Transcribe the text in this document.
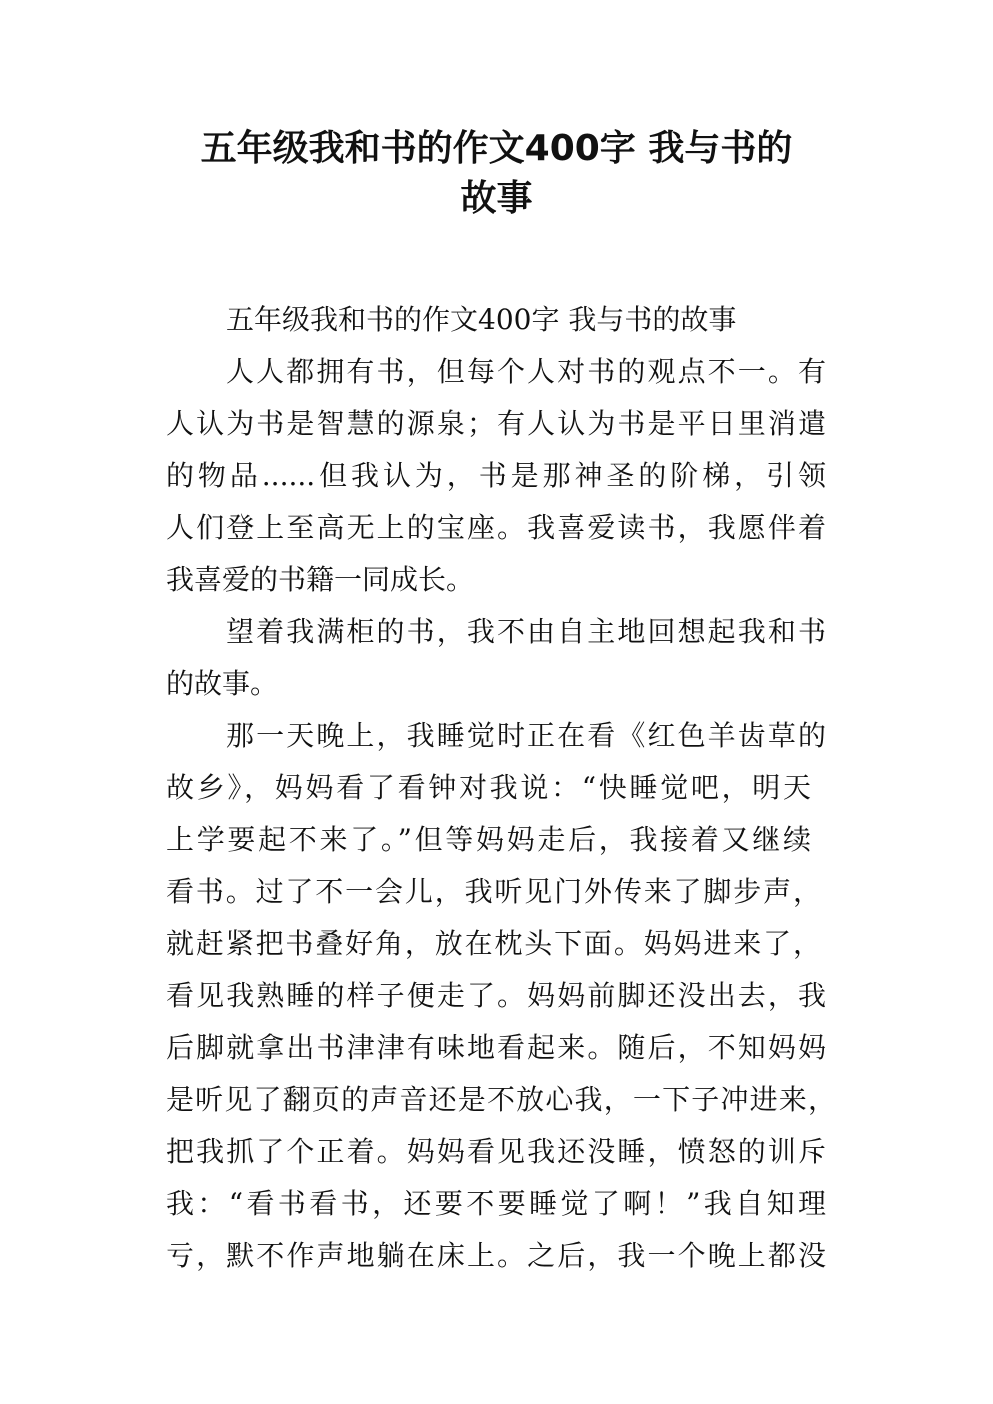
五年级我和书的作文400字 我与书的
故事
五年级我和书的作文400字 我与书的故事
人人都拥有书，但每个人对书的观点不一。有
人认为书是智慧的源泉；有人认为书是平日里消遣
的物品......但我认为，书是那神圣的阶梯，引领
人们登上至高无上的宝座。我喜爱读书，我愿伴着
我喜爱的书籍一同成长。
望着我满柜的书，我不由自主地回想起我和书
的故事。
那一天晚上，我睡觉时正在看《红色羊齿草的
故乡》，妈妈看了看钟对我说：“快睡觉吧，明天
上学要起不来了。”但等妈妈走后，我接着又继续
看书。过了不一会儿，我听见门外传来了脚步声，
就赶紧把书叠好角，放在枕头下面。妈妈进来了，
看见我熟睡的样子便走了。妈妈前脚还没出去，我
后脚就拿出书津津有味地看起来。随后，不知妈妈
是听见了翻页的声音还是不放心我，一下子冲进来，
把我抓了个正着。妈妈看见我还没睡，愤怒的训斥
我：“看书看书，还要不要睡觉了啊！”我自知理
亏，默不作声地躺在床上。之后，我一个晚上都没
